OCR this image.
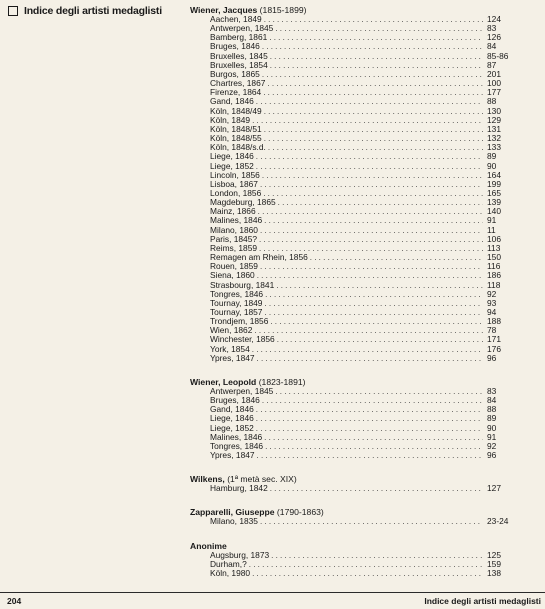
Indice degli artisti medaglisti	Wiener, Jacques (1815-1899)
Aachen, 1849 . . .	124
Antwerpen, 1845 . . .	83
Bamberg, 1861 . . .	126
Bruges, 1846 . . .	84
Bruxelles, 1845 . . .	85-86
Bruxelles, 1854 . . .	87
Burgos, 1865 . . .	201
Chartres, 1867 . . .	100
Firenze, 1864 . . .	177
Gand, 1846 . . .	88
Köln, 1848/49 . . .	130
Köln, 1849 . . .	129
Köln, 1848/51 . . .	131
Köln, 1848/55 . . .	132
Köln, 1848/s.d. . . .	133
Liege, 1846 . . .	89
Liege, 1852 . . .	90
Lincoln, 1856 . . .	164
Lisboa, 1867 . . .	199
London, 1856 . . .	165
Magdeburg, 1865 . . .	139
Mainz, 1866 . . .	140
Malines, 1846 . . .	91
Milano, 1860 . . .	11
Paris, 1845? . . .	106
Reims, 1859 . . .	113
Remagen am Rhein, 1856 . . .	150
Rouen, 1859 . . .	116
Siena, 1860 . . .	186
Strasbourg, 1841 . . .	118
Tongres, 1846 . . .	92
Tournay, 1849 . . .	93
Tournay, 1857 . . .	94
Trondjem, 1856 . . .	188
Wien, 1862 . . .	78
Winchester, 1856 . . .	171
York, 1854 . . .	176
Ypres, 1847 . . .	96
Wiener, Leopold (1823-1891)
Antwerpen, 1845 . . .	83
Bruges, 1846 . . .	84
Gand, 1846 . . .	88
Liege, 1846 . . .	89
Liege, 1852 . . .	90
Malines, 1846 . . .	91
Tongres, 1846 . . .	92
Ypres, 1847 . . .	96
Wilkens, (1ª metà sec. XIX)
Hamburg, 1842 . . .	127
Zapparelli, Giuseppe (1790-1863)
Milano, 1835 . . .	23-24
Anonime
Augsburg, 1873 . . .	125
Durham,? . . .	159
Köln, 1980 . . .	138
204	Indice degli artisti medaglisti
